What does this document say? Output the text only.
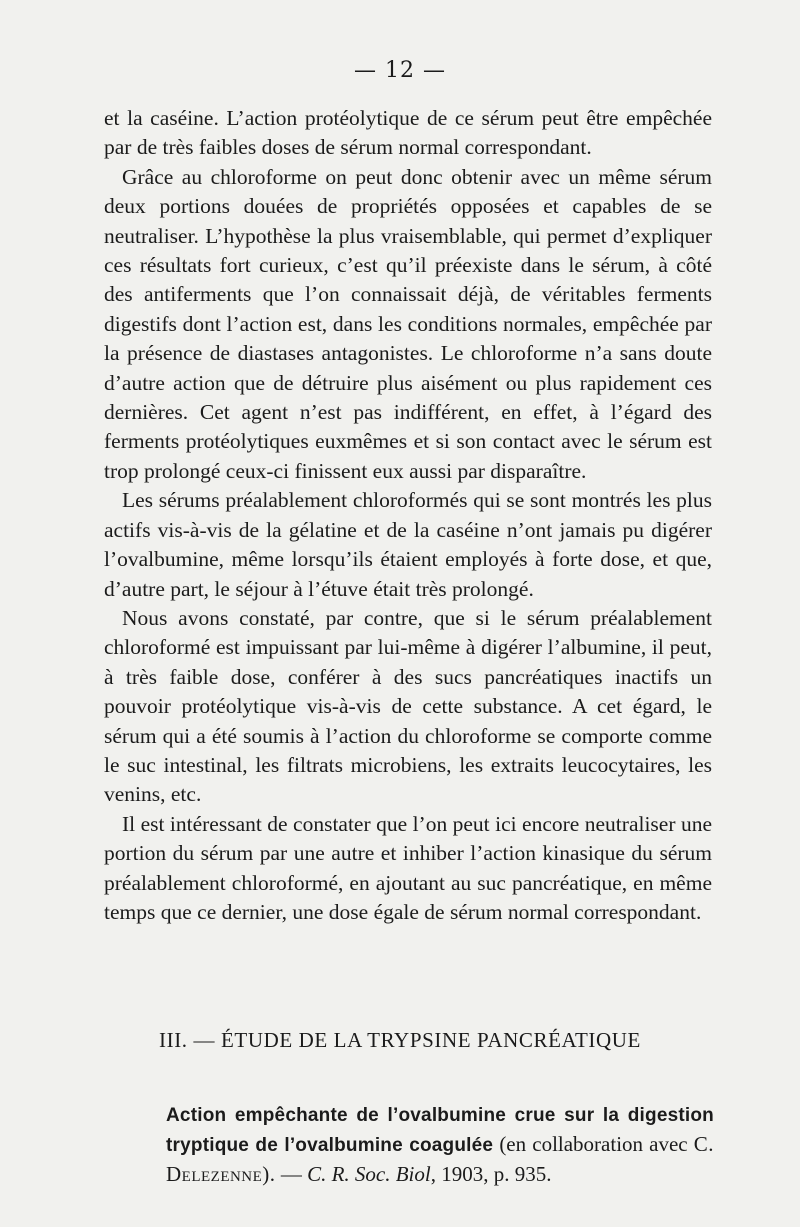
— 12 —

et la caséine. L’action protéolytique de ce sérum peut être empêchée par de très faibles doses de sérum normal correspondant.

Grâce au chloroforme on peut donc obtenir avec un même sérum deux portions douées de propriétés opposées et capables de se neutraliser. L’hypothèse la plus vraisemblable, qui permet d’expliquer ces résultats fort curieux, c’est qu’il préexiste dans le sérum, à côté des antiferments que l’on connaissait déjà, de véritables ferments digestifs dont l’action est, dans les conditions normales, empêchée par la présence de diastases antagonistes. Le chloroforme n’a sans doute d’autre action que de détruire plus aisément ou plus rapidement ces dernières. Cet agent n’est pas indifférent, en effet, à l’égard des ferments protéolytiques euxmêmes et si son contact avec le sérum est trop prolongé ceux-ci finissent eux aussi par disparaître.

Les sérums préalablement chloroformés qui se sont montrés les plus actifs vis-à-vis de la gélatine et de la caséine n’ont jamais pu digérer l’ovalbumine, même lorsqu’ils étaient employés à forte dose, et que, d’autre part, le séjour à l’étuve était très prolongé.

Nous avons constaté, par contre, que si le sérum préalablement chloroformé est impuissant par lui-même à digérer l’albumine, il peut, à très faible dose, conférer à des sucs pancréatiques inactifs un pouvoir protéolytique vis-à-vis de cette substance. A cet égard, le sérum qui a été soumis à l’action du chloroforme se comporte comme le suc intestinal, les filtrats microbiens, les extraits leucocytaires, les venins, etc.

Il est intéressant de constater que l’on peut ici encore neutraliser une portion du sérum par une autre et inhiber l’action kinasique du sérum préalablement chloroformé, en ajoutant au suc pancréatique, en même temps que ce dernier, une dose égale de sérum normal correspondant.

III. — ÉTUDE DE LA TRYPSINE PANCRÉATIQUE
Action empêchante de l’ovalbumine crue sur la digestion tryptique de l’ovalbumine coagulée (en collaboration avec C. Delezenne). — C. R. Soc. Biol, 1903, p. 935.
